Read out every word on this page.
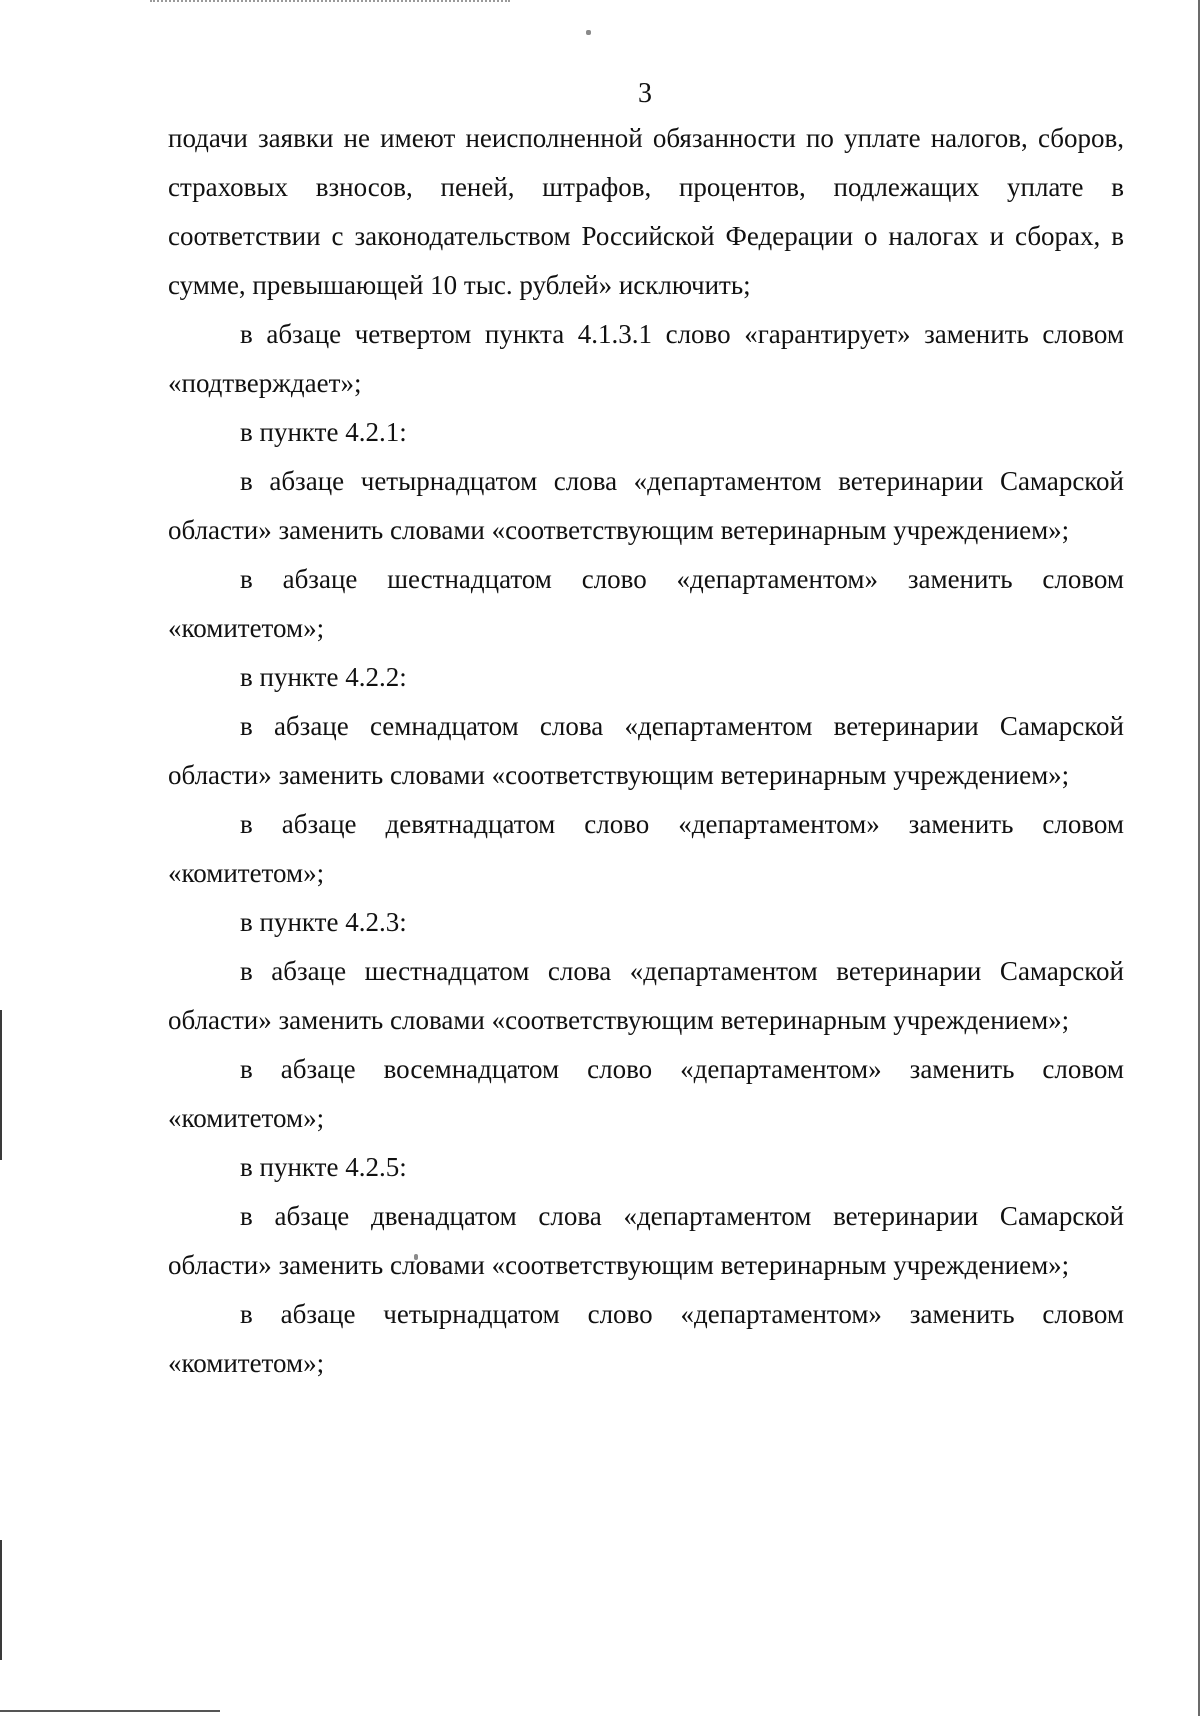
3

подачи заявки не имеют неисполненной обязанности по уплате налогов, сборов, страховых взносов, пеней, штрафов, процентов, подлежащих уплате в соответствии с законодательством Российской Федерации о налогах и сборах, в сумме, превышающей 10 тыс. рублей» исключить;

в абзаце четвертом пункта 4.1.3.1 слово «гарантирует» заменить словом «подтверждает»;

в пункте 4.2.1:

в абзаце четырнадцатом слова «департаментом ветеринарии Самарской области» заменить словами «соответствующим ветеринарным учреждением»;

в абзаце шестнадцатом слово «департаментом» заменить словом «комитетом»;

в пункте 4.2.2:

в абзаце семнадцатом слова «департаментом ветеринарии Самарской области» заменить словами «соответствующим ветеринарным учреждением»;

в абзаце девятнадцатом слово «департаментом» заменить словом «комитетом»;

в пункте 4.2.3:

в абзаце шестнадцатом слова «департаментом ветеринарии Самарской области» заменить словами «соответствующим ветеринарным учреждением»;

в абзаце восемнадцатом слово «департаментом» заменить словом «комитетом»;

в пункте 4.2.5:

в абзаце двенадцатом слова «департаментом ветеринарии Самарской области» заменить словами «соответствующим ветеринарным учреждением»;

в абзаце четырнадцатом слово «департаментом» заменить словом «комитетом»;
